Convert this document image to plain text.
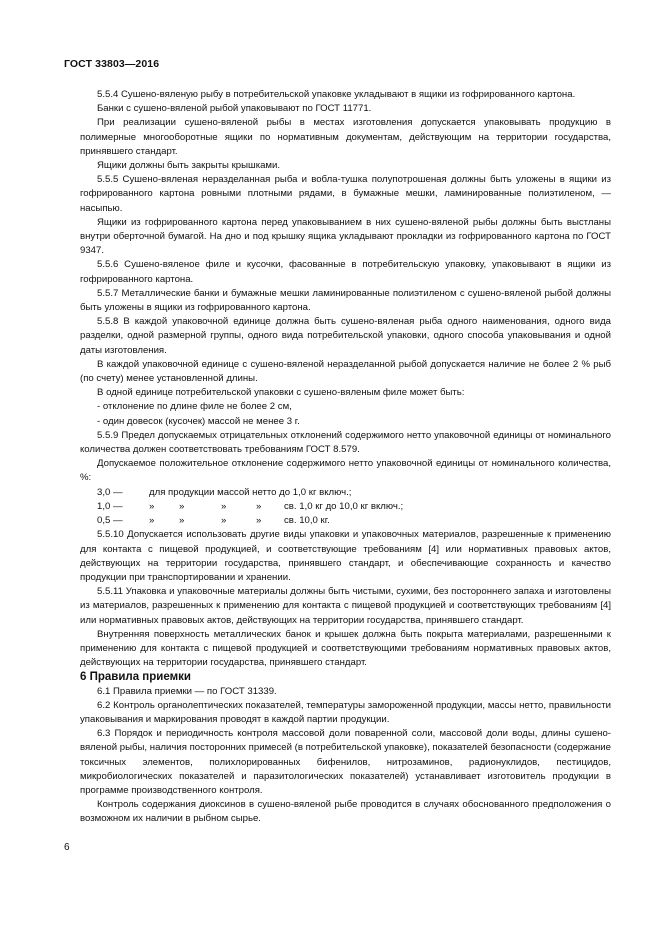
ГОСТ 33803—2016

5.5.4 Сушено-вяленую рыбу в потребительской упаковке укладывают в ящики из гофрированного картона.

Банки с сушено-вяленой рыбой упаковывают по ГОСТ 11771.

При реализации сушено-вяленой рыбы в местах изготовления допускается упаковывать продукцию в полимерные многооборотные ящики по нормативным документам, действующим на территории государства, принявшего стандарт.

Ящики должны быть закрыты крышками.

5.5.5 Сушено-вяленая неразделанная рыба и вобла-тушка полупотрошеная должны быть уложены в ящики из гофрированного картона ровными плотными рядами, в бумажные мешки, ламинированные полиэтиленом, — насыпью.

Ящики из гофрированного картона перед упаковыванием в них сушено-вяленой рыбы должны быть выстланы внутри оберточной бумагой. На дно и под крышку ящика укладывают прокладки из гофрированного картона по ГОСТ 9347.

5.5.6 Сушено-вяленое филе и кусочки, фасованные в потребительскую упаковку, упаковывают в ящики из гофрированного картона.

5.5.7 Металлические банки и бумажные мешки ламинированные полиэтиленом с сушено-вяленой рыбой должны быть уложены в ящики из гофрированного картона.

5.5.8 В каждой упаковочной единице должна быть сушено-вяленая рыба одного наименования, одного вида разделки, одной размерной группы, одного вида потребительской упаковки, одного способа упаковывания и одной даты изготовления.

В каждой упаковочной единице с сушено-вяленой неразделанной рыбой допускается наличие не более 2 % рыб (по счету) менее установленной длины.

В одной единице потребительской упаковки с сушено-вяленым филе может быть:

- отклонение по длине филе не более 2 см,

- один довесок (кусочек) массой не менее 3 г.

5.5.9 Предел допускаемых отрицательных отклонений содержимого нетто упаковочной единицы от номинального количества должен соответствовать требованиям ГОСТ 8.579.

Допускаемое положительное отклонение содержимого нетто упаковочной единицы от номинального количества, %:

3,0 —	для продукции массой нетто до 1,0 кг включ.;
1,0 —	»	»	»	»	св. 1,0 кг до 10,0 кг включ.;
0,5 —	»	»	»	»	св. 10,0 кг.

5.5.10 Допускается использовать другие виды упаковки и упаковочных материалов, разрешенные к применению для контакта с пищевой продукцией, и соответствующие требованиям [4] или нормативных правовых актов, действующих на территории государства, принявшего стандарт, и обеспечивающие сохранность и качество продукции при транспортировании и хранении.

5.5.11 Упаковка и упаковочные материалы должны быть чистыми, сухими, без постороннего запаха и изготовлены из материалов, разрешенных к применению для контакта с пищевой продукцией и соответствующих требованиям [4] или нормативных правовых актов, действующих на территории государства, принявшего стандарт.

Внутренняя поверхность металлических банок и крышек должна быть покрыта материалами, разрешенными к применению для контакта с пищевой продукцией и соответствующими требованиям нормативных правовых актов, действующих на территории государства, принявшего стандарт.

6 Правила приемки

6.1 Правила приемки — по ГОСТ 31339.

6.2 Контроль органолептических показателей, температуры замороженной продукции, массы нетто, правильности упаковывания и маркирования проводят в каждой партии продукции.

6.3 Порядок и периодичность контроля массовой доли поваренной соли, массовой доли воды, длины сушено-вяленой рыбы, наличия посторонних примесей (в потребительской упаковке), показателей безопасности (содержание токсичных элементов, полихлорированных бифенилов, нитрозаминов, радионуклидов, пестицидов, микробиологических показателей и паразитологических показателей) устанавливает изготовитель продукции в программе производственного контроля.

Контроль содержания диоксинов в сушено-вяленой рыбе проводится в случаях обоснованного предположения о возможном их наличии в рыбном сырье.

6
